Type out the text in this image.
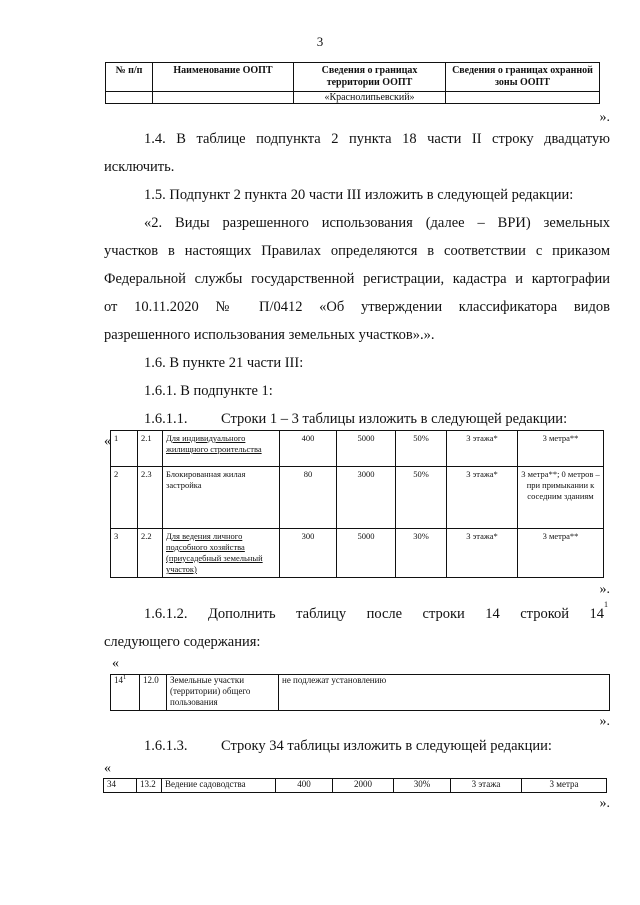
3
№ п/п	Наименование ООПТ	Сведения о границах территории ООПТ	Сведения о границах охранной зоны ООПТ
		«Краснолипьевский»	
».
1.4. В таблице подпункта 2 пункта 18 части II строку двадцатую
исключить.
1.5. Подпункт 2 пункта 20 части III изложить в следующей редакции:
«2. Виды разрешенного использования (далее – ВРИ) земельных
участков в настоящих Правилах определяются в соответствии с приказом
Федеральной службы государственной регистрации, кадастра и картографии
от 10.11.2020 № П/0412 «Об утверждении классификатора видов
разрешенного использования земельных участков».».
1.6. В пункте 21 части III:
1.6.1. В подпункте 1:
1.6.1.1.	Строки 1 – 3 таблицы изложить в следующей редакции:
« 1	2.1	Для индивидуального жилищного строительства	400	5000	50%	3 этажа*	3 метра**
2	2.3	Блокированная жилая застройка	80	3000	50%	3 этажа*	3 метра**; 0 метров – при примыкании к соседним зданиям
3	2.2	Для ведения личного подсобного хозяйства (приусадебный земельный участок)	300	5000	30%	3 этажа*	3 метра**
».
1.6.1.2. Дополнить таблицу после строки 14 строкой 14
1
следующего содержания:
«
$14^1$	12.0	Земельные участки (территории) общего пользования	не подлежат установлению
».
1.6.1.3.	Строку 34 таблицы изложить в следующей редакции:
«
34	13.2	Ведение садоводства	400	2000	30%	3 этажа	3 метра
».
